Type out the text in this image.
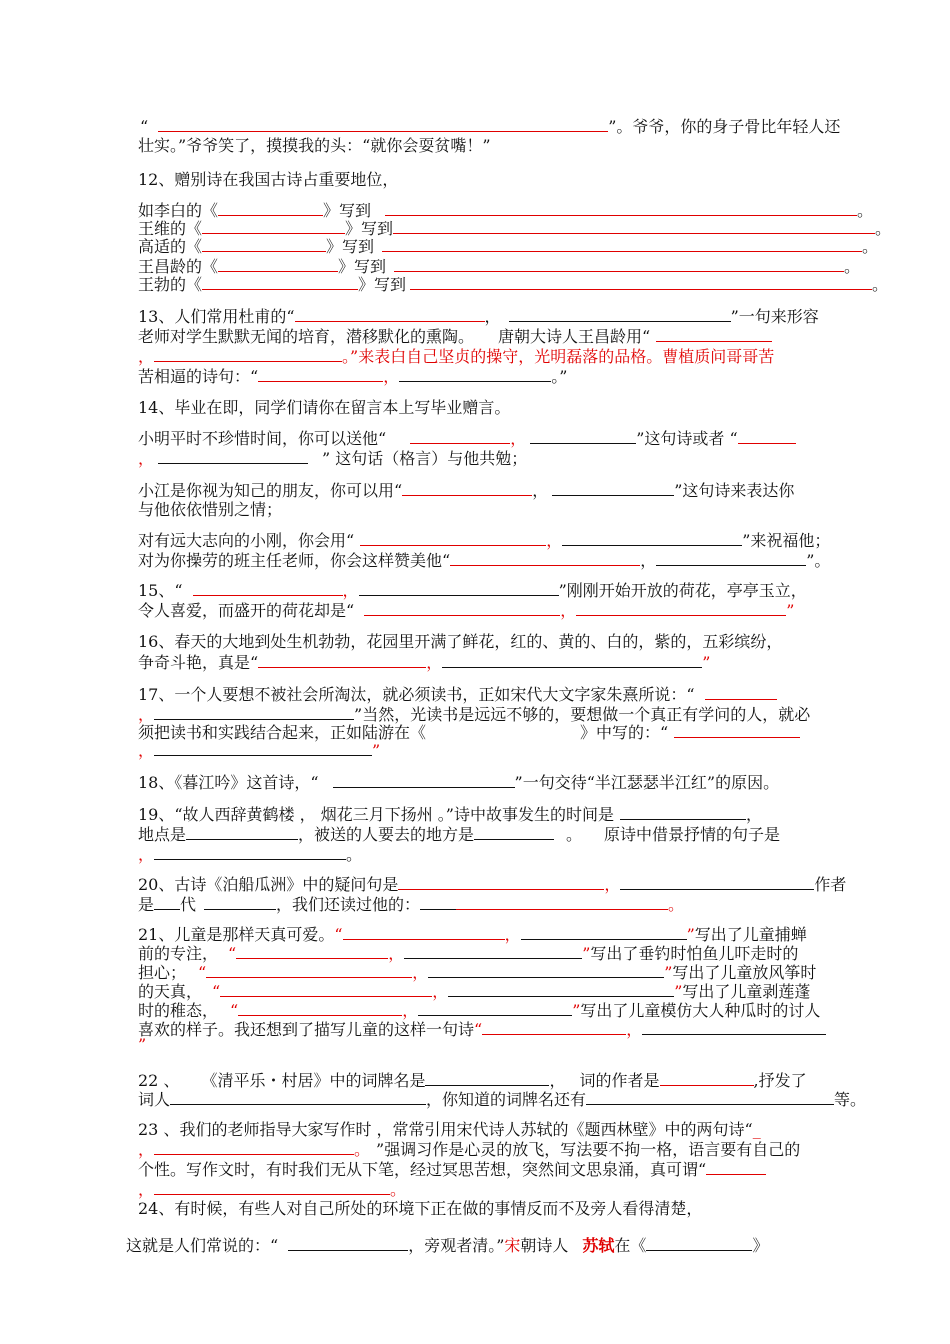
“	”。爷爷，你的身子骨比年轻人还
壮实。”爷爷笑了，摸摸我的头：“就你会耍贫嘴！”
12、赠别诗在我国古诗占重要地位，
如李白的《	》写到	。
王维的《	》写到	。
高适的《	》写到	。
王昌龄的《	》写到	。
王勃的《	》写到	。
13、人们常用杜甫的“	，	”一句来形容
老师对学生默默无闻的培育，潜移默化的熏陶。 唐朝大诗人王昌龄用“
，	。”来表白自己坚贞的操守，光明磊落的品格。曹植质问哥哥苦
苦相逼的诗句：“	，	。”
14、毕业在即，同学们请你在留言本上写毕业赠言。
小明平时不珍惜时间，你可以送他“	，	”这句诗或者 “
，	” 这句话（格言）与他共勉；
小江是你视为知己的朋友，你可以用“	，	”这句诗来表达你
与他依依惜别之情；
对有远大志向的小刚，你会用“	，	”来祝福他；
对为你操劳的班主任老师，你会这样赞美他“	，	”。
15、“	，	”刚刚开始开放的荷花，亭亭玉立，
令人喜爱，而盛开的荷花却是“	，	”
16、春天的大地到处生机勃勃，花园里开满了鲜花，红的、黄的、白的，紫的，五彩缤纷，
争奇斗艳，真是“	，	”
17、一个人要想不被社会所淘汰，就必须读书，正如宋代大文字家朱熹所说：“
，	”当然，光读书是远远不够的，要想做一个真正有学问的人，就必
须把读书和实践结合起来，正如陆游在《	》中写的：“
，	”
18、《暮江吟》这首诗，“	”一句交待“半江瑟瑟半江红”的原因。
19、“故人西辞黄鹤楼 ， 烟花三月下扬州 。”诗中故事发生的时间是	，
地点是	，被送的人要去的地方是	。 原诗中借景抒情的句子是
，	。
20、古诗《泊船瓜洲》中的疑问句是	，	作者
是 代	，我们还读过他的：	。
21、儿童是那样天真可爱。“	，	”写出了儿童捕蝉
前的专注， “	，	”写出了垂钓时怕鱼儿吓走时的
担心； “	，	”写出了儿童放风筝时
的天真， “	，	”写出了儿童剥莲蓬
时的稚态， “	，	”写出了儿童模仿大人种瓜时的讨人
喜欢的样子。我还想到了描写儿童的这样一句诗“	，
”
22 、 《清平乐・村居》中的词牌名是	， 词的作者是	,抒发了
词人	，你知道的词牌名还有	等。
23 、我们的老师指导大家写作时 ，常常引用宋代诗人苏轼的《题西林壁》中的两句诗“_
，	。 ”强调习作是心灵的放飞，写法要不拘一格，语言要有自己的
个性。写作文时，有时我们无从下笔，经过冥思苦想，突然间文思泉涌，真可谓“
，	。
24、有时候，有些人对自己所处的环境下正在做的事情反而不及旁人看得清楚，
这就是人们常说的：“	，旁观者清。”宋朝诗人 苏轼在《	》
